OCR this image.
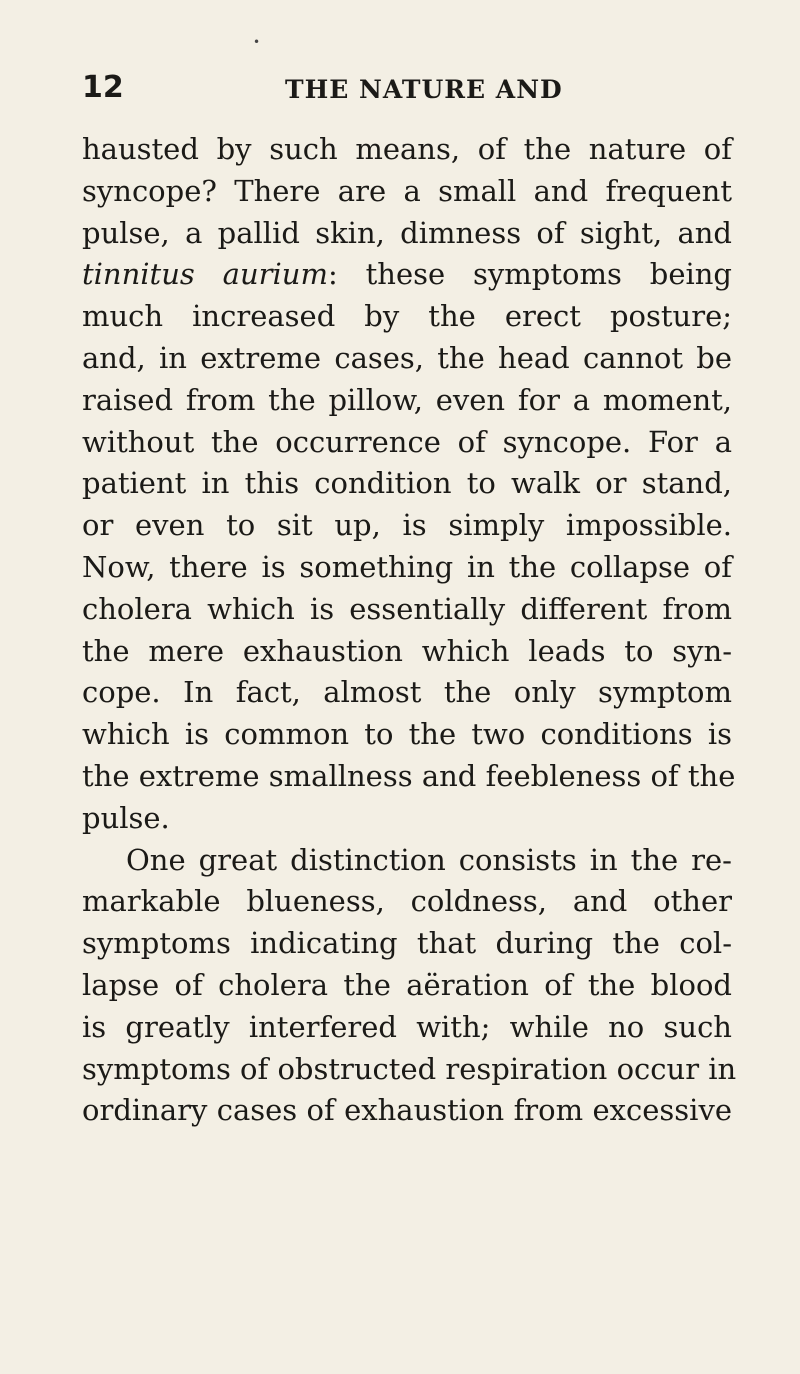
•
12	THE NATURE AND
hausted by such means, of the nature of
syncope? There are a small and frequent
pulse, a pallid skin, dimness of sight, and
tinnitus aurium: these symptoms being
much increased by the erect posture;
and, in extreme cases, the head cannot be
raised from the pillow, even for a moment,
without the occurrence of syncope. For a
patient in this condition to walk or stand,
or even to sit up, is simply impossible.
Now, there is something in the collapse of
cholera which is essentially different from
the mere exhaustion which leads to syn-
cope. In fact, almost the only symptom
which is common to the two conditions is
the extreme smallness and feebleness of the
pulse.
One great distinction consists in the re-
markable blueness, coldness, and other
symptoms indicating that during the col-
lapse of cholera the aëration of the blood
is greatly interfered with; while no such
symptoms of obstructed respiration occur in
ordinary cases of exhaustion from excessive
